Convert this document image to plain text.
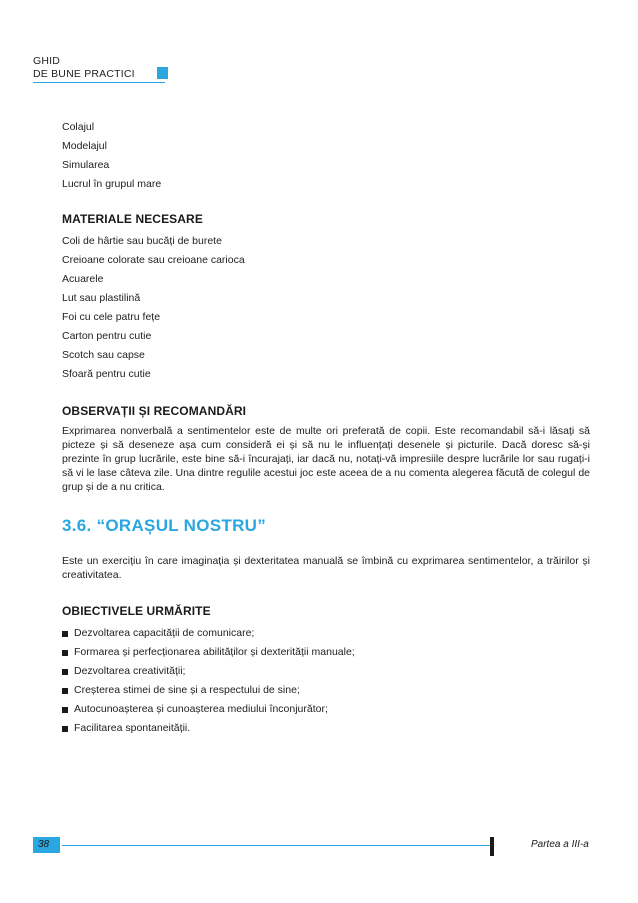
GHID
DE BUNE PRACTICI
Colajul
Modelajul
Simularea
Lucrul în grupul mare
MATERIALE NECESARE
Coli de hârtie sau bucăți de burete
Creioane colorate sau creioane carioca
Acuarele
Lut sau plastilină
Foi cu cele patru fețe
Carton pentru cutie
Scotch sau capse
Sfoară pentru cutie
OBSERVAȚII ȘI RECOMANDĂRI

Exprimarea nonverbală a sentimentelor este de multe ori preferată de copii. Este recomandabil să-i lăsați să picteze și să deseneze așa cum consideră ei și să nu le influențați desenele și picturile. Dacă doresc să-și prezinte în grup lucrările, este bine să-i încurajați, iar dacă nu, notați-vă impresiile despre lucrările lor sau rugați-i să vi le lase câteva zile. Una dintre regulile acestui joc este aceea de a nu comenta alegerea făcută de colegul de grup și de a nu critica.

3.6. “ORAȘUL NOSTRU”

Este un exercițiu în care imaginația și dexteritatea manuală se îmbină cu exprimarea sentimentelor, a trăirilor și creativitatea.

OBIECTIVELE URMĂRITE
Dezvoltarea capacității de comunicare;
Formarea și perfecționarea abilităților și dexterității manuale;
Dezvoltarea creativității;
Creșterea stimei de sine și a respectului de sine;
Autocunoașterea și cunoașterea mediului înconjurător;
Facilitarea spontaneității.
38	Partea a III-a
